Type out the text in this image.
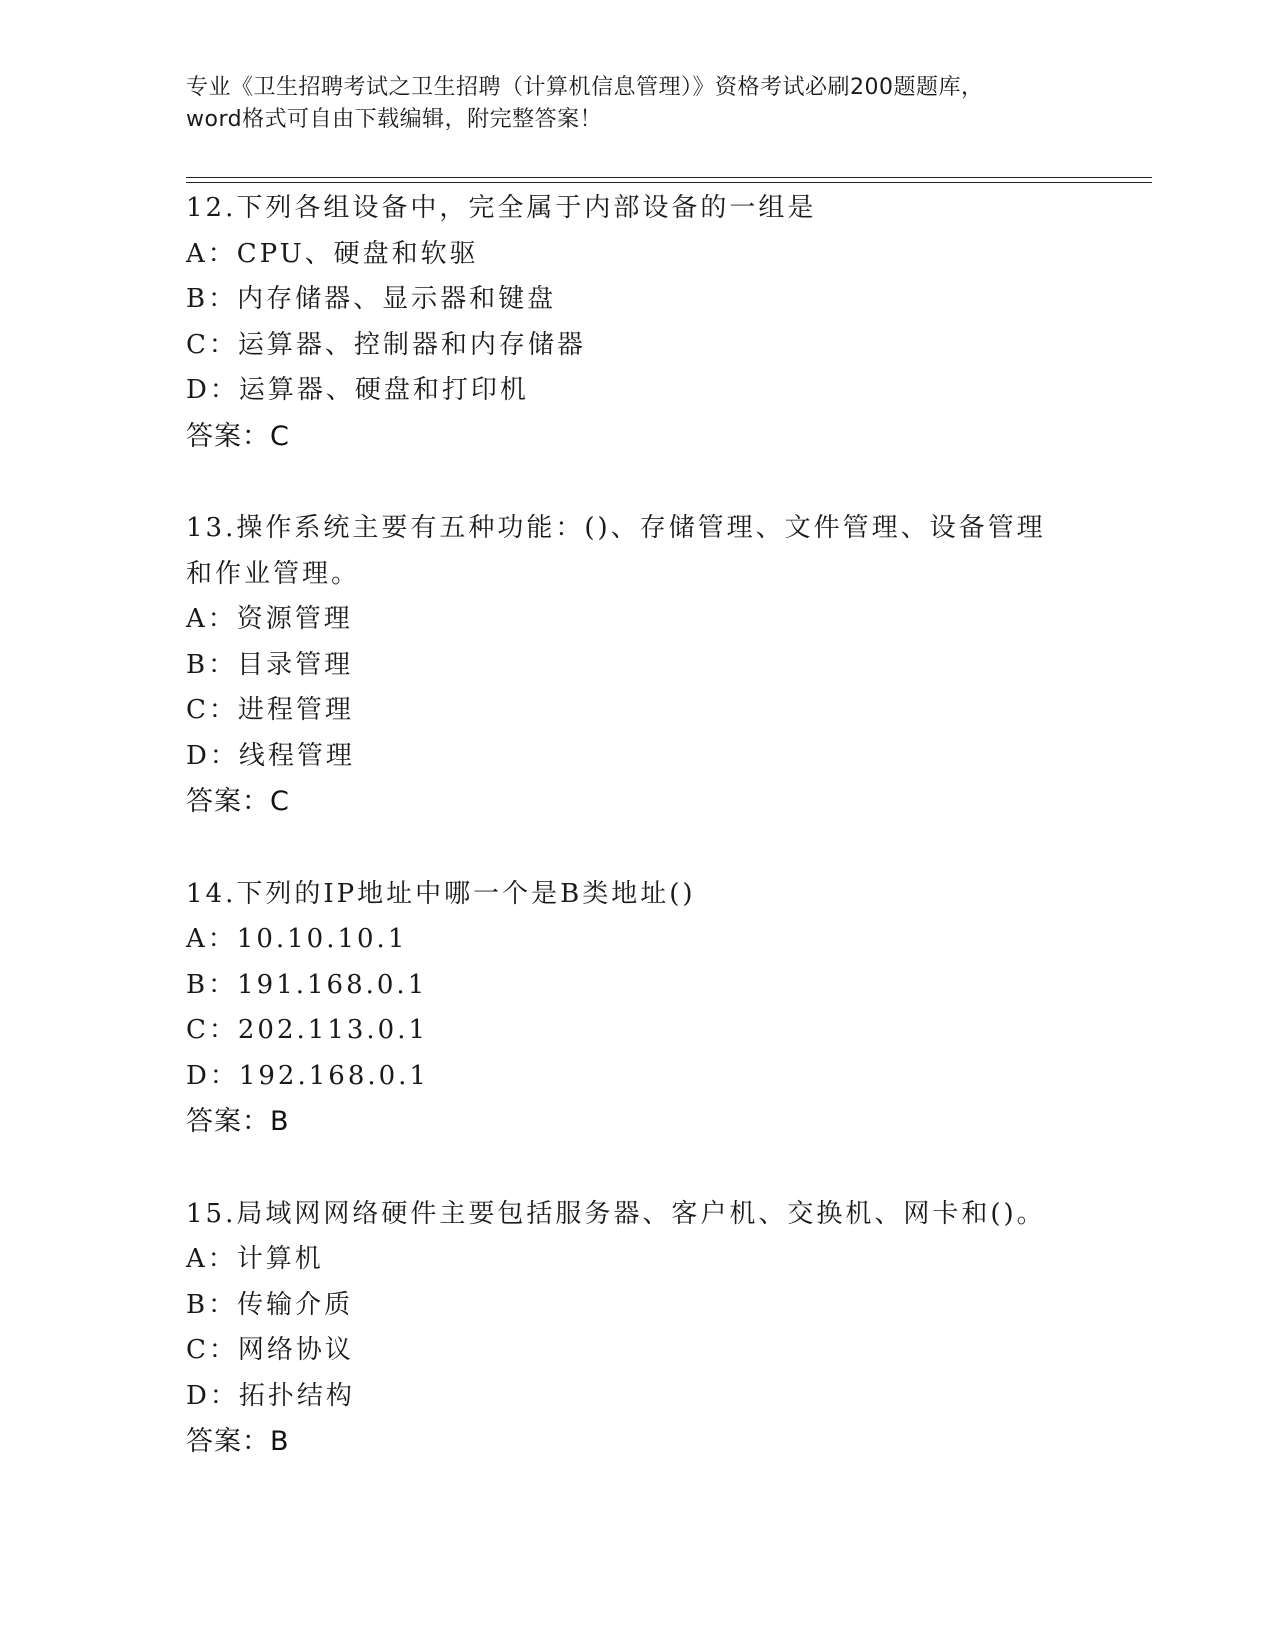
专业《卫生招聘考试之卫生招聘（计算机信息管理）》资格考试必刷200题题库，
word格式可自由下载编辑，附完整答案！
12.下列各组设备中，完全属于内部设备的一组是
A：CPU、硬盘和软驱
B：内存储器、显示器和键盘
C：运算器、控制器和内存储器
D：运算器、硬盘和打印机
答案：C
13.操作系统主要有五种功能：()、存储管理、文件管理、设备管理和作业管理。
A：资源管理
B：目录管理
C：进程管理
D：线程管理
答案：C
14.下列的IP地址中哪一个是B类地址()
A：10.10.10.1
B：191.168.0.1
C：202.113.0.1
D：192.168.0.1
答案：B
15.局域网网络硬件主要包括服务器、客户机、交换机、网卡和()。
A：计算机
B：传输介质
C：网络协议
D：拓扑结构
答案：B
